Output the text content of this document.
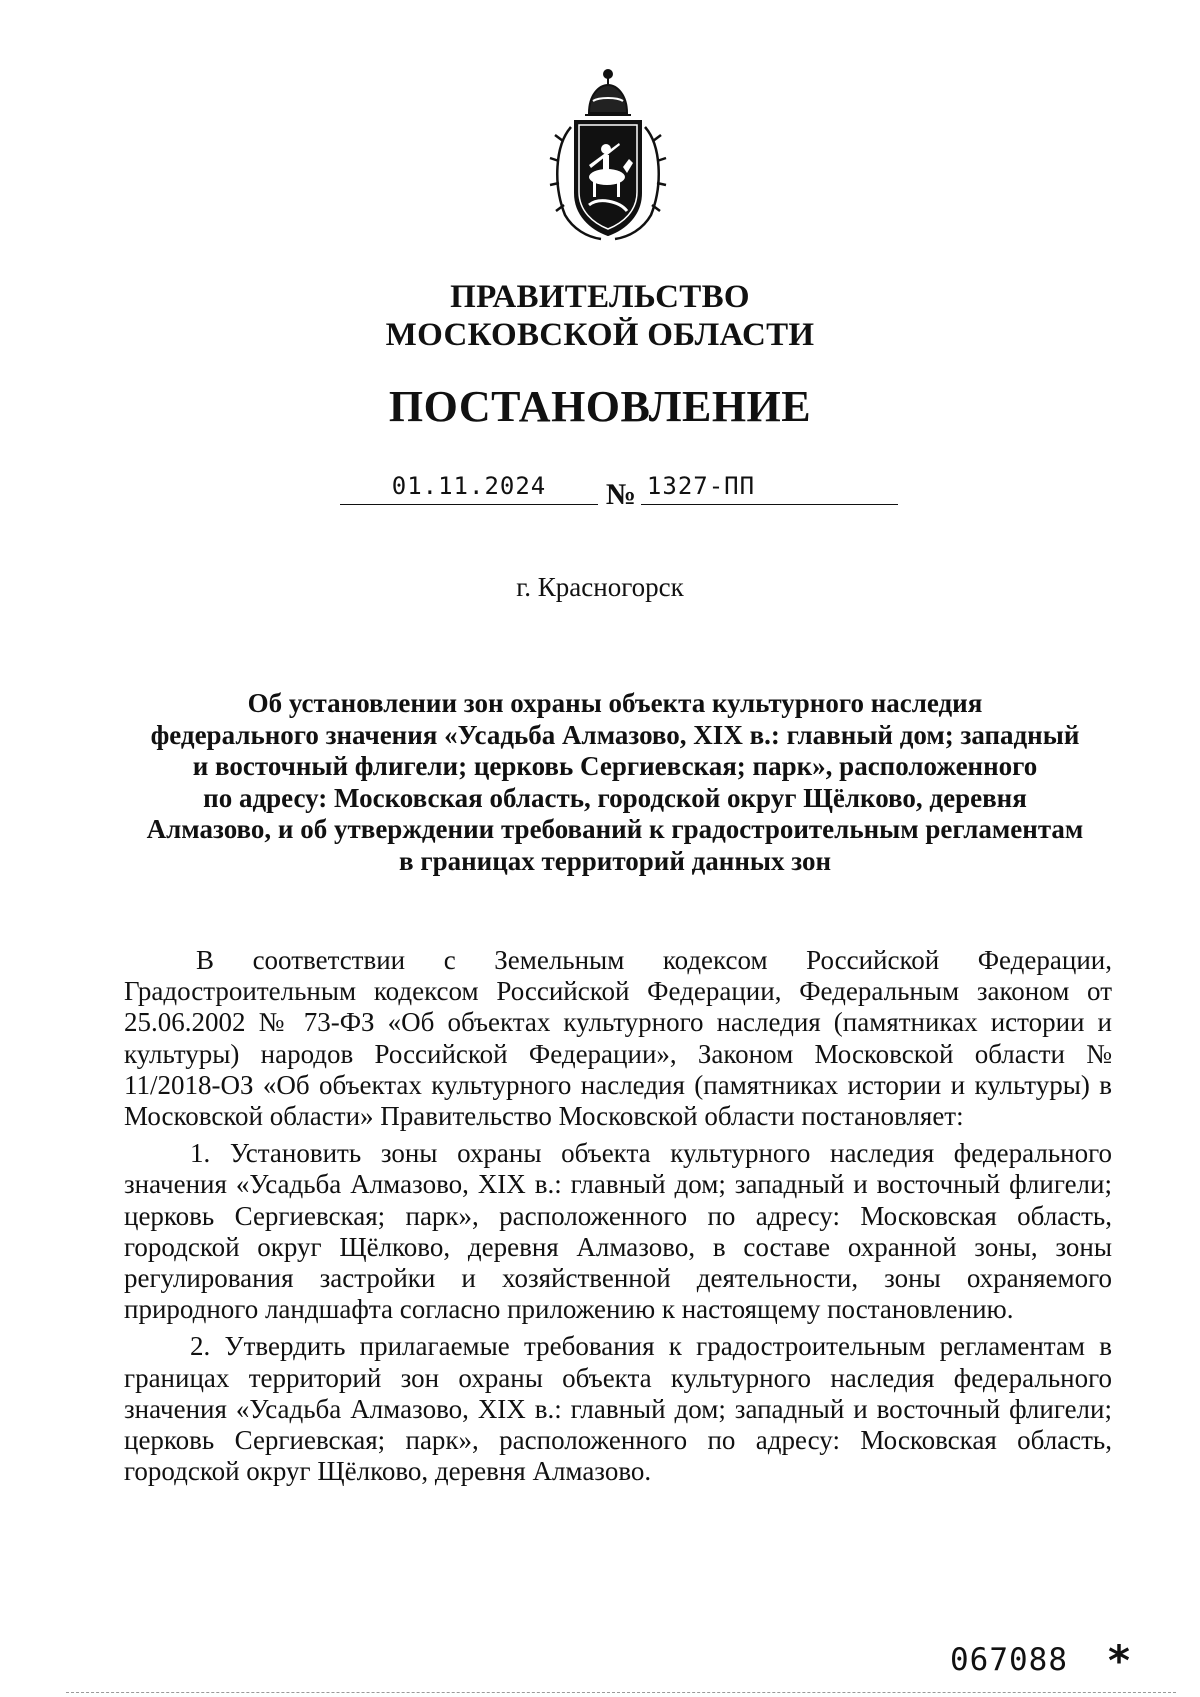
ПРАВИТЕЛЬСТВО
МОСКОВСКОЙ ОБЛАСТИ
ПОСТАНОВЛЕНИЕ
01.11.2024	№ 1327-ПП
г. Красногорск
Об установлении зон охраны объекта культурного наследия
федерального значения «Усадьба Алмазово, XIX в.: главный дом; западный
и восточный флигели; церковь Сергиевская; парк», расположенного
по адресу: Московская область, городской округ Щёлково, деревня
Алмазово, и об утверждении требований к градостроительным регламентам
в границах территорий данных зон

В соответствии с Земельным кодексом Российской Федерации, Градостроительным кодексом Российской Федерации, Федеральным законом от 25.06.2002 № 73-ФЗ «Об объектах культурного наследия (памятниках истории и культуры) народов Российской Федерации», Законом Московской области № 11/2018-ОЗ «Об объектах культурного наследия (памятниках истории и культуры) в Московской области» Правительство Московской области постановляет:

1. Установить зоны охраны объекта культурного наследия федерального значения «Усадьба Алмазово, XIX в.: главный дом; западный и восточный флигели; церковь Сергиевская; парк», расположенного по адресу: Московская область, городской округ Щёлково, деревня Алмазово, в составе охранной зоны, зоны регулирования застройки и хозяйственной деятельности, зоны охраняемого природного ландшафта согласно приложению к настоящему постановлению.

2. Утвердить прилагаемые требования к градостроительным регламентам в границах территорий зон охраны объекта культурного наследия федерального значения «Усадьба Алмазово, XIX в.: главный дом; западный и восточный флигели; церковь Сергиевская; парк», расположенного по адресу: Московская область, городской округ Щёлково, деревня Алмазово.

067088 *
